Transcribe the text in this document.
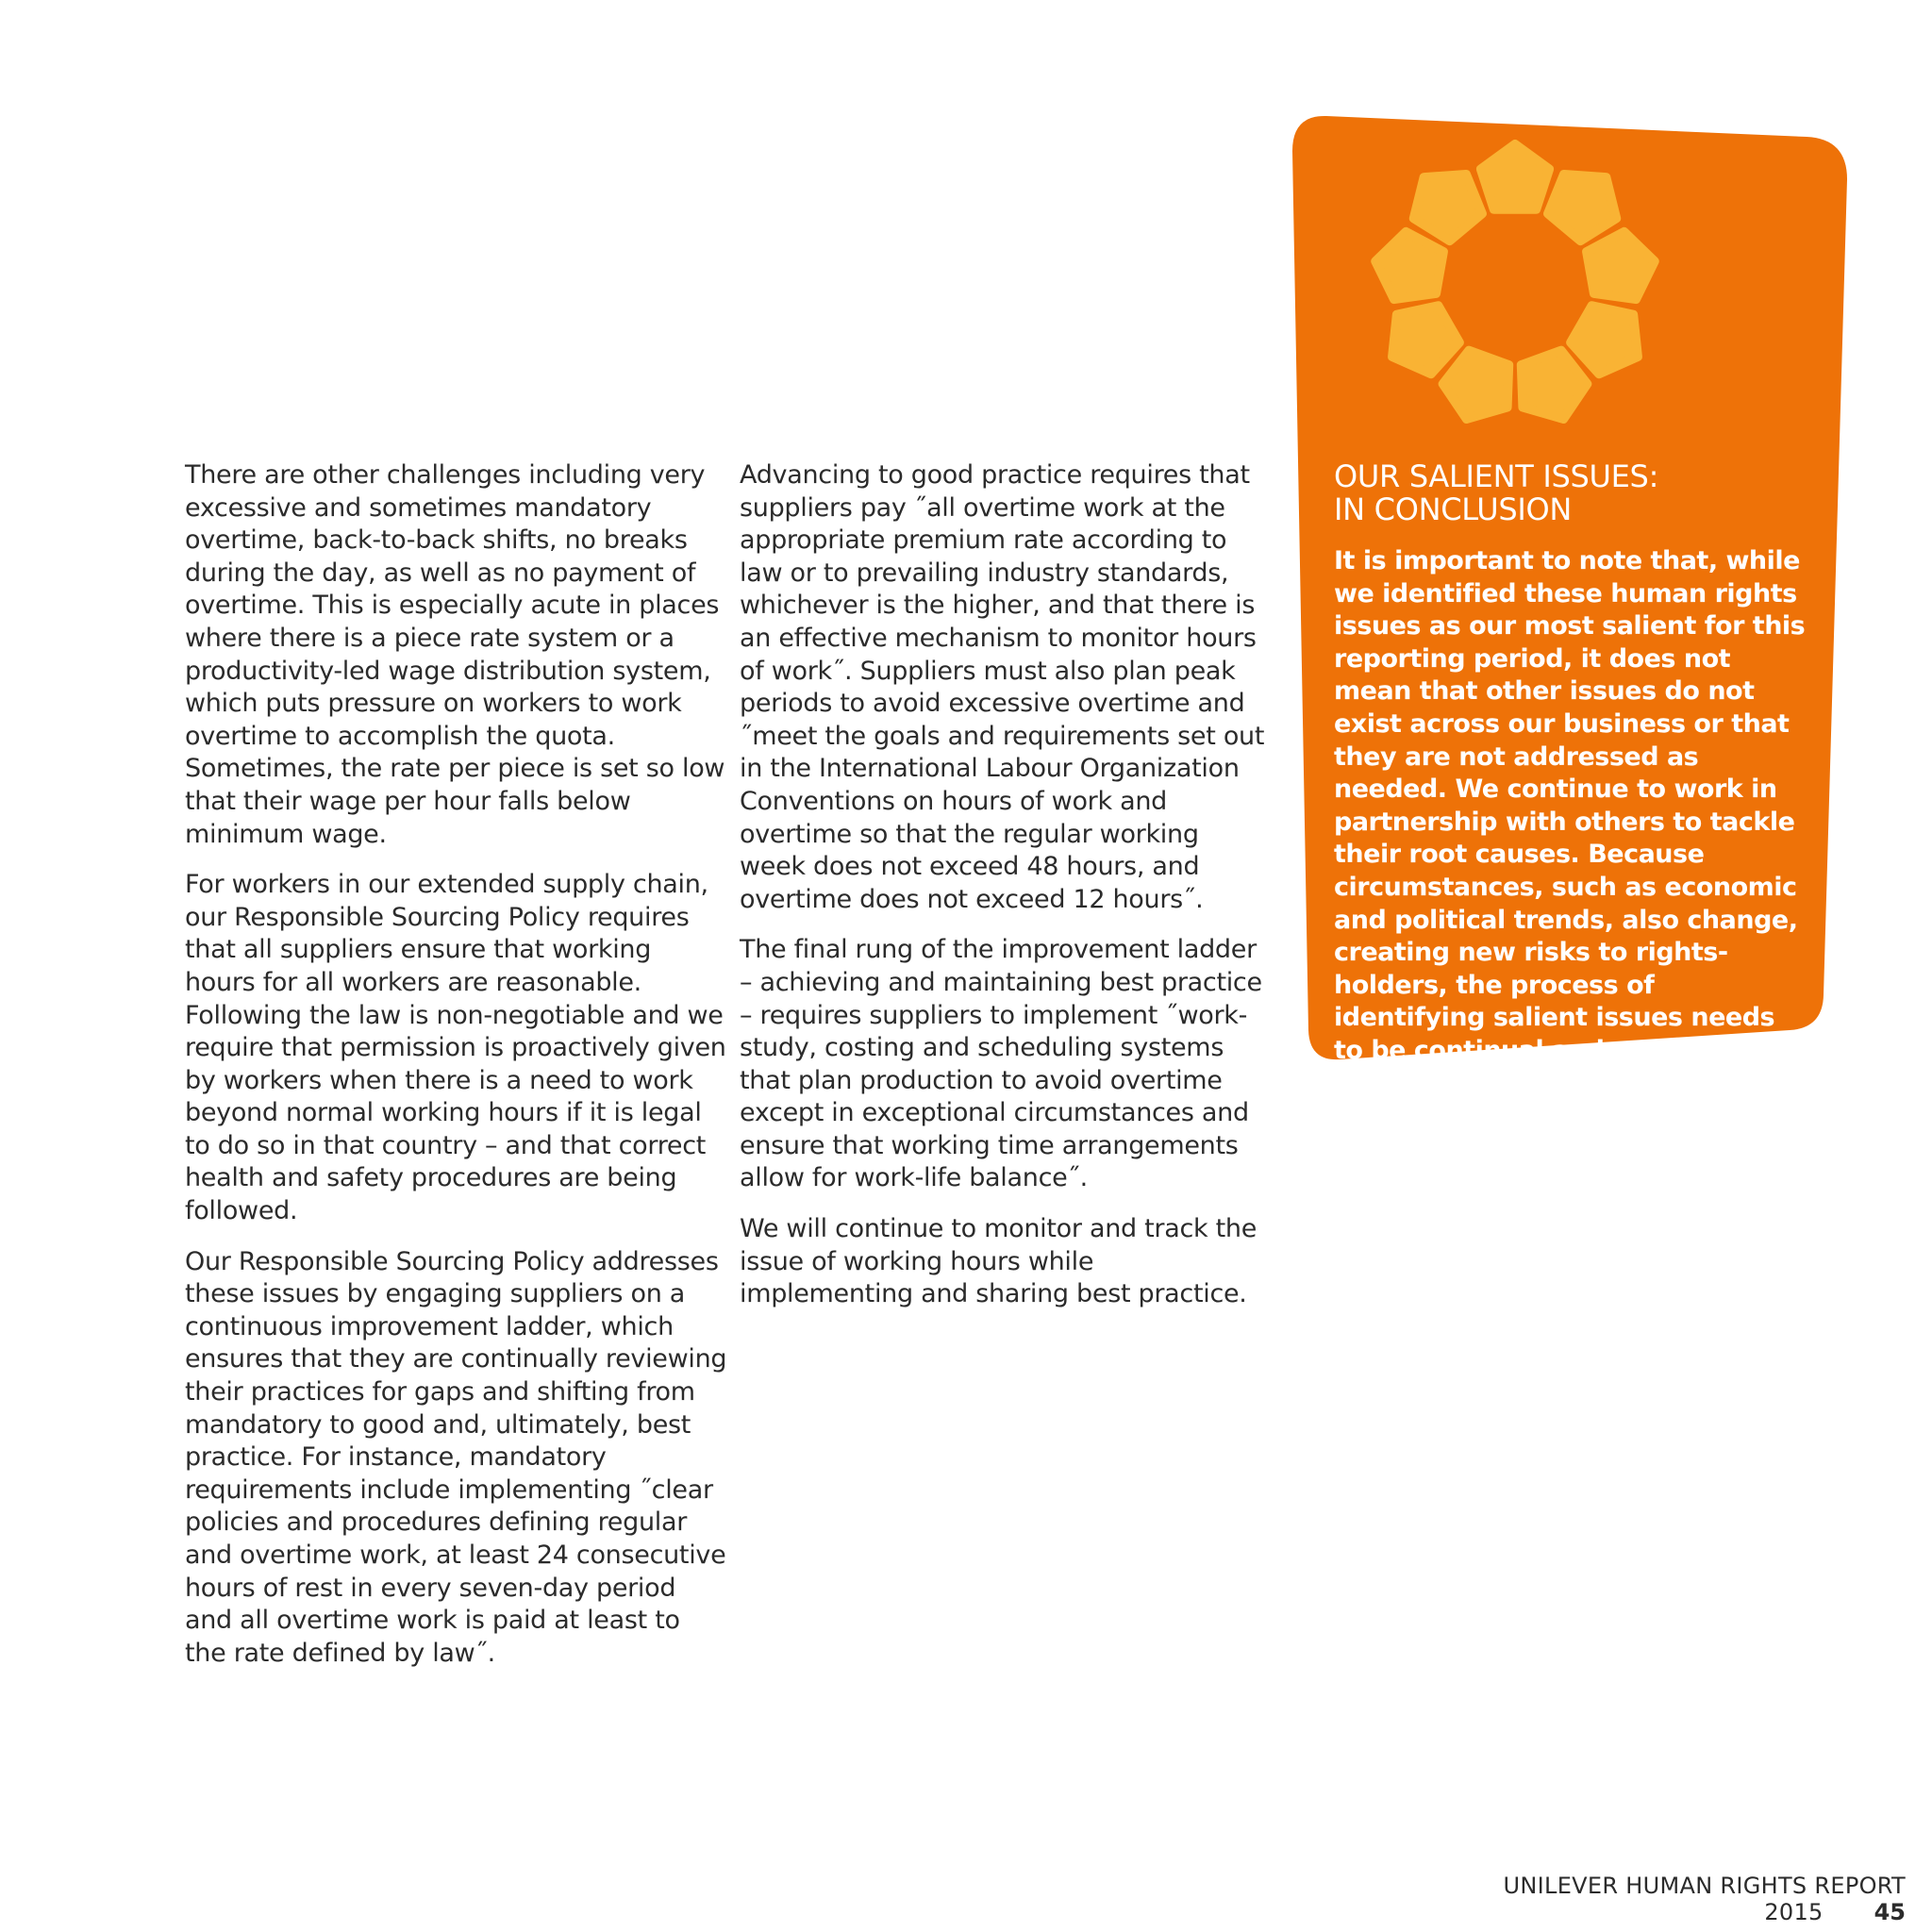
There are other challenges including very excessive and sometimes mandatory overtime, back-to-back shifts, no breaks during the day, as well as no payment of overtime. This is especially acute in places where there is a piece rate system or a productivity-led wage distribution system, which puts pressure on workers to work overtime to accomplish the quota. Sometimes, the rate per piece is set so low that their wage per hour falls below minimum wage.

For workers in our extended supply chain, our Responsible Sourcing Policy requires that all suppliers ensure that working hours for all workers are reasonable. Following the law is non-negotiable and we require that permission is proactively given by workers when there is a need to work beyond normal working hours if it is legal to do so in that country – and that correct health and safety procedures are being followed.

Our Responsible Sourcing Policy addresses these issues by engaging suppliers on a continuous improvement ladder, which ensures that they are continually reviewing their practices for gaps and shifting from mandatory to good and, ultimately, best practice. For instance, mandatory requirements include implementing ˝clear policies and procedures defining regular and overtime work, at least 24 consecutive hours of rest in every seven-day period and all overtime work is paid at least to the rate defined by law˝.

Advancing to good practice requires that suppliers pay ˝all overtime work at the appropriate premium rate according to law or to prevailing industry standards, whichever is the higher, and that there is an effective mechanism to monitor hours of work˝. Suppliers must also plan peak periods to avoid excessive overtime and ˝meet the goals and requirements set out in the International Labour Organization Conventions on hours of work and overtime so that the regular working week does not exceed 48 hours, and overtime does not exceed 12 hours˝.

The final rung of the improvement ladder – achieving and maintaining best practice – requires suppliers to implement ˝work-study, costing and scheduling systems that plan production to avoid overtime except in exceptional circumstances and ensure that working time arrangements allow for work-life balance˝.

We will continue to monitor and track the issue of working hours while implementing and sharing best practice.

OUR SALIENT ISSUES:
IN CONCLUSION

It is important to note that, while we identified these human rights issues as our most salient for this reporting period, it does not mean that other issues do not exist across our business or that they are not addressed as needed. We continue to work in partnership with others to tackle their root causes. Because circumstances, such as economic and political trends, also change, creating new risks to rights-holders, the process of identifying salient issues needs to be continual and evolving.

UNILEVER HUMAN RIGHTS REPORT 2015 45
